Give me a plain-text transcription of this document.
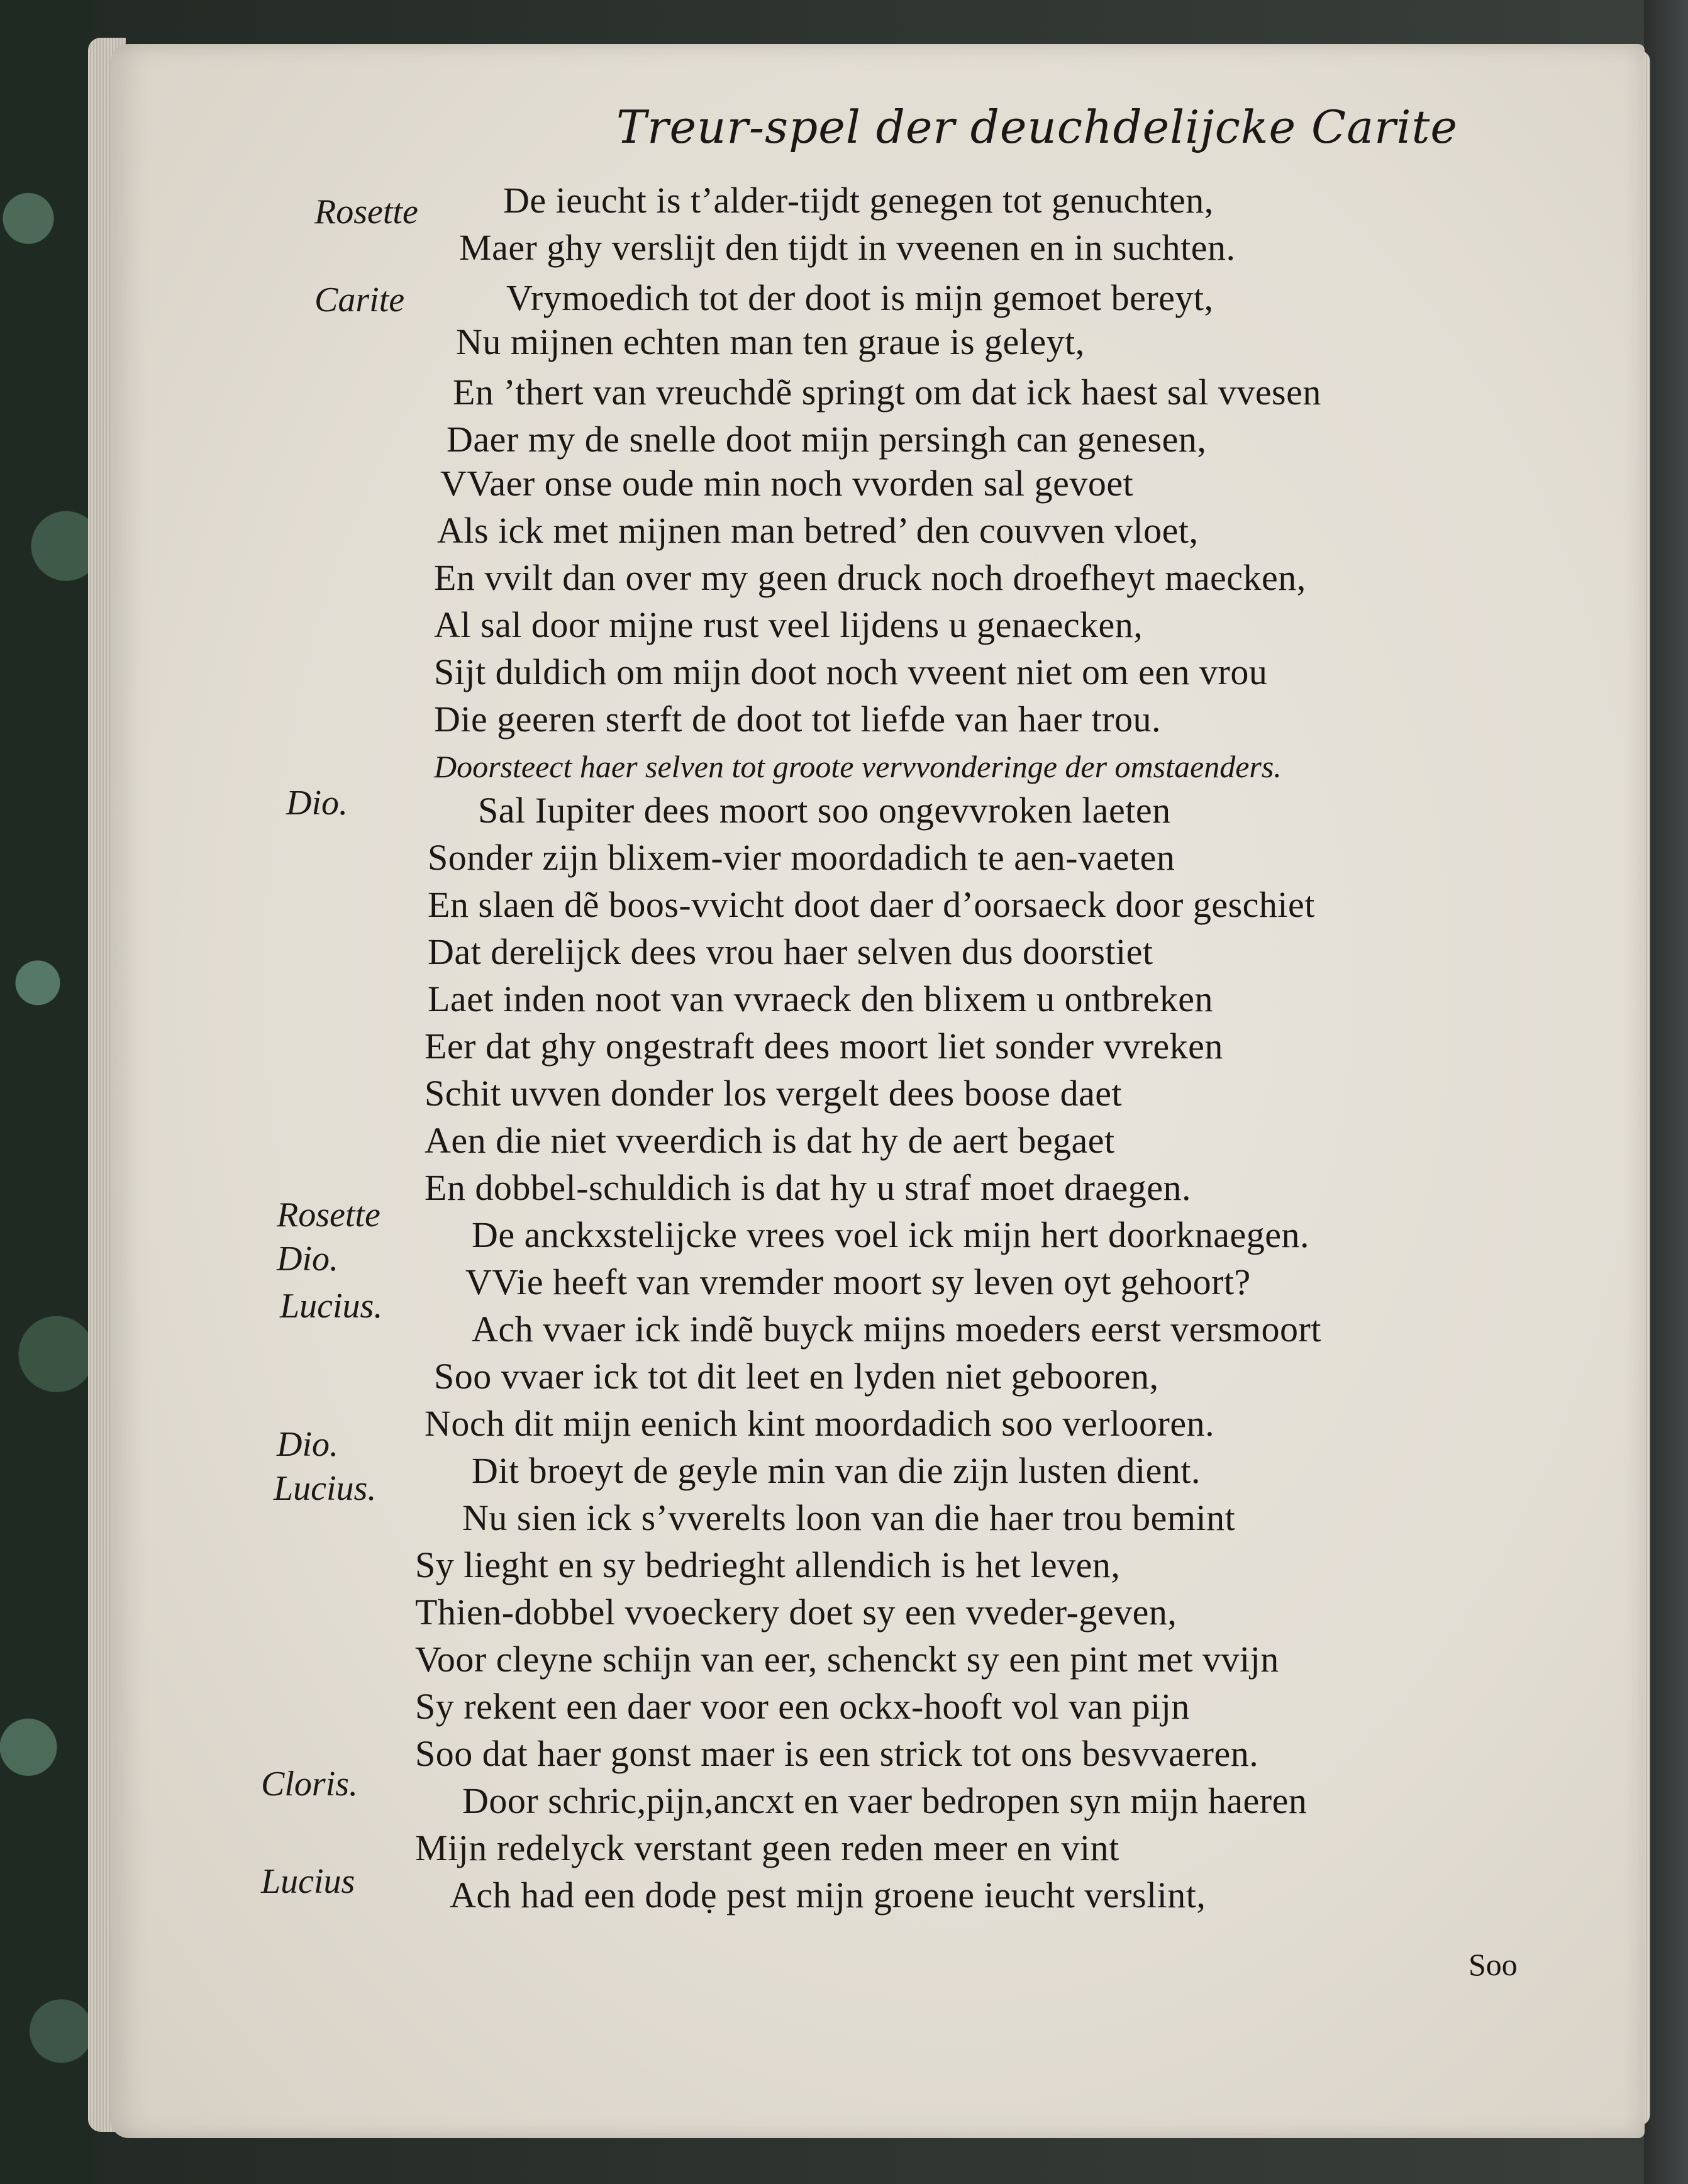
Treur-spel der deuchdelijcke Carite
Rosette
Carite
Dio.
Rosette
Dio.
Lucius.
Dio.
Lucius.
Cloris.
Lucius
De ieucht is t’alder-tijdt genegen tot genuchten,
Maer ghy verslijt den tijdt in vveenen en in suchten.
Vrymoedich tot der doot is mijn gemoet bereyt,
Nu mijnen echten man ten graue is geleyt,
En ’thert van vreuchdẽ springt om dat ick haest sal vvesen
Daer my de snelle doot mijn persingh can genesen,
VVaer onse oude min noch vvorden sal gevoet
Als ick met mijnen man betred’ den couvven vloet,
En vvilt dan over my geen druck noch droefheyt maecken,
Al sal door mijne rust veel lijdens u genaecken,
Sijt duldich om mijn doot noch vveent niet om een vrou
Die geeren sterft de doot tot liefde van haer trou.
Doorsteect haer selven tot groote vervvonderinge der omstaenders.
Sal Iupiter dees moort soo ongevvroken laeten
Sonder zijn blixem-vier moordadich te aen-vaeten
En slaen dẽ boos-vvicht doot daer d’oorsaeck door geschiet
Dat derelijck dees vrou haer selven dus doorstiet
Laet inden noot van vvraeck den blixem u ontbreken
Eer dat ghy ongestraft dees moort liet sonder vvreken
Schit uvven donder los vergelt dees boose daet
Aen die niet vveerdich is dat hy de aert begaet
En dobbel-schuldich is dat hy u straf moet draegen.
De anckxstelijcke vrees voel ick mijn hert doorknaegen.
VVie heeft van vremder moort sy leven oyt gehoort?
Ach vvaer ick indẽ buyck mijns moeders eerst versmoort
Soo vvaer ick tot dit leet en lyden niet gebooren,
Noch dit mijn eenich kint moordadich soo verlooren.
Dit broeyt de geyle min van die zijn lusten dient.
Nu sien ick s’vverelts loon van die haer trou bemint
Sy lieght en sy bedrieght allendich is het leven,
Thien-dobbel vvoeckery doet sy een vveder-geven,
Voor cleyne schijn van eer, schenckt sy een pint met vvijn
Sy rekent een daer voor een ockx-hooft vol van pijn
Soo dat haer gonst maer is een strick tot ons besvvaeren.
Door schric,pijn,ancxt en vaer bedropen syn mijn haeren
Mijn redelyck verstant geen reden meer en vint
Ach had een dodẹ pest mijn groene ieucht verslint,
Soo
